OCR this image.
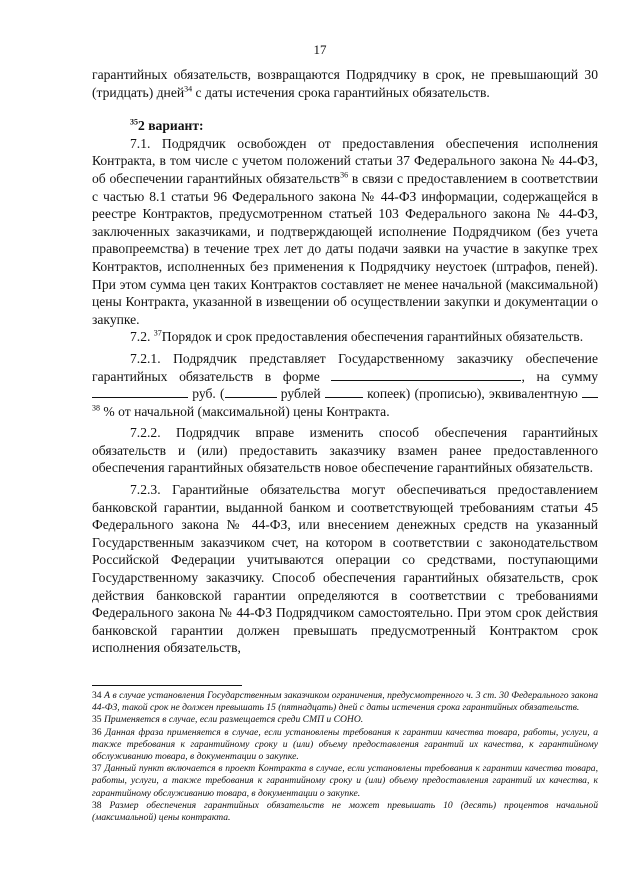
17

гарантийных обязательств, возвращаются Подрядчику в срок, не превышающий 30 (тридцать) дней$^{34}$ с даты истечения срока гарантийных обязательств.

$^{35}$2 вариант:

7.1. Подрядчик освобожден от предоставления обеспечения исполнения Контракта, в том числе с учетом положений статьи 37 Федерального закона № 44-ФЗ, об обеспечении гарантийных обязательств$^{36}$ в связи с предоставлением в соответствии с частью 8.1 статьи 96 Федерального закона № 44-ФЗ информации, содержащейся в реестре Контрактов, предусмотренном статьей 103 Федерального закона № 44-ФЗ, заключенных заказчиками, и подтверждающей исполнение Подрядчиком (без учета правопреемства) в течение трех лет до даты подачи заявки на участие в закупке трех Контрактов, исполненных без применения к Подрядчику неустоек (штрафов, пеней). При этом сумма цен таких Контрактов составляет не менее начальной (максимальной) цены Контракта, указанной в извещении об осуществлении закупки и документации о закупке.

7.2. $^{37}$Порядок и срок предоставления обеспечения гарантийных обязательств.

7.2.1. Подрядчик представляет Государственному заказчику обеспечение гарантийных обязательств в форме	, на сумму  руб. (	рублей	копеек) (прописью), эквивалентную $^{38}$ % от начальной (максимальной) цены Контракта.

7.2.2. Подрядчик вправе изменить способ обеспечения гарантийных обязательств и (или) предоставить заказчику взамен ранее предоставленного обеспечения гарантийных обязательств новое обеспечение гарантийных обязательств.

7.2.3. Гарантийные обязательства могут обеспечиваться предоставлением банковской гарантии, выданной банком и соответствующей требованиям статьи 45 Федерального закона № 44-ФЗ, или внесением денежных средств на указанный Государственным заказчиком счет, на котором в соответствии с законодательством Российской Федерации учитываются операции со средствами, поступающими Государственному заказчику. Способ обеспечения гарантийных обязательств, срок действия банковской гарантии определяются в соответствии с требованиями Федерального закона № 44-ФЗ Подрядчиком самостоятельно. При этом срок действия банковской гарантии должен превышать предусмотренный Контрактом срок исполнения обязательств,

34 А в случае установления Государственным заказчиком ограничения, предусмотренного ч. 3 ст. 30 Федерального закона 44-ФЗ, такой срок не должен превышать 15 (пятнадцать) дней с даты истечения срока гарантийных обязательств.

35 Применяется в случае, если размещается среди СМП и СОНО.

36 Данная фраза применяется в случае, если установлены требования к гарантии качества товара, работы, услуги, а также требования к гарантийному сроку и (или) объему предоставления гарантий их качества, к гарантийному обслуживанию товара, в документации о закупке.

37 Данный пункт включается в проект Контракта в случае, если установлены требования к гарантии качества товара, работы, услуги, а также требования к гарантийному сроку и (или) объему предоставления гарантий их качества, к гарантийному обслуживанию товара, в документации о закупке.

38 Размер обеспечения гарантийных обязательств не может превышать 10 (десять) процентов начальной (максимальной) цены контракта.
